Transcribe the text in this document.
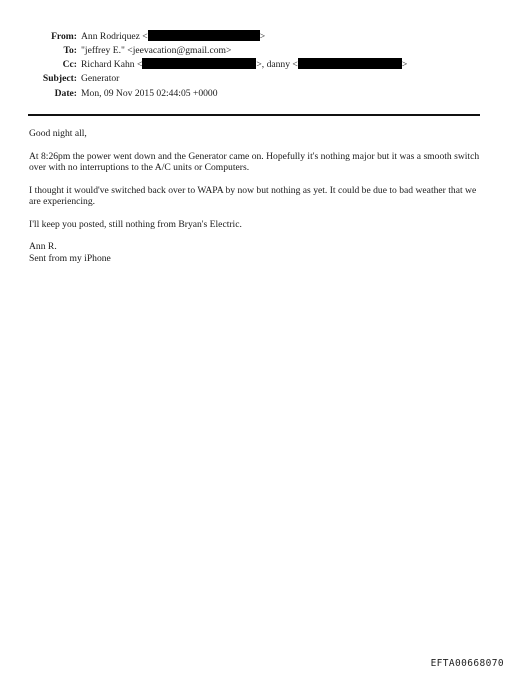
From: Ann Rodriquez <	>
To: "jeffrey E." <jeevacation@gmail.com>
Cc: Richard Kahn <	>, danny <	>
Subject: Generator
Date: Mon, 09 Nov 2015 02:44:05 +0000

Good night all,

At 8:26pm the power went down and the Generator came on. Hopefully it's nothing major but it was a smooth switch over with no interruptions to the A/C units or Computers.

I thought it would've switched back over to WAPA by now but nothing as yet. It could be due to bad weather that we are experiencing.

I'll keep you posted, still nothing from Bryan's Electric.

Ann R.

Sent from my iPhone

EFTA00668070
